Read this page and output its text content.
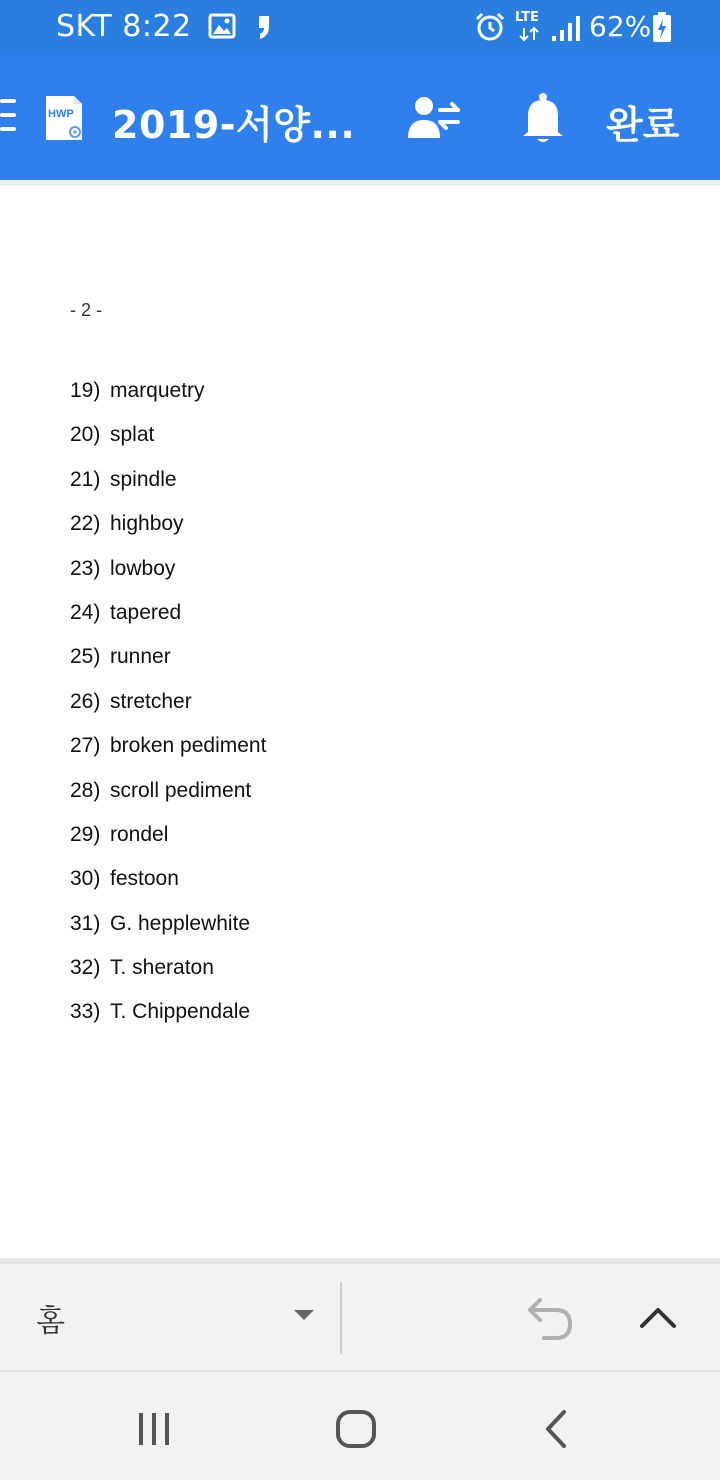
SKT 8:22	LTE 62%
HWP 2019-서양...	완료
- 2 -
19) marquetry
20) splat
21) spindle
22) highboy
23) lowboy
24) tapered
25) runner
26) stretcher
27) broken pediment
28) scroll pediment
29) rondel
30) festoon
31) G. hepplewhite
32) T. sheraton
33) T. Chippendale
홈
